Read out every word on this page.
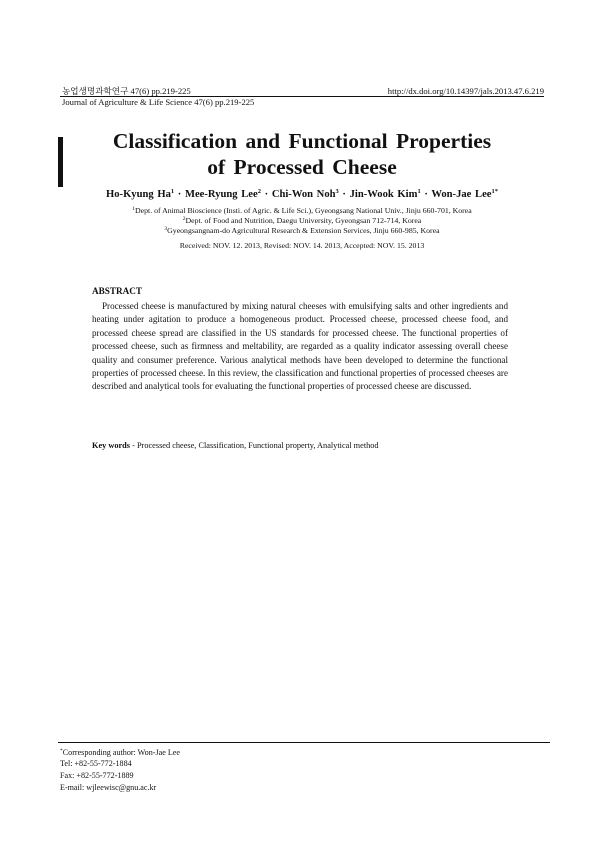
농업생명과학연구 47(6) pp.219-225	http://dx.doi.org/10.14397/jals.2013.47.6.219
Journal of Agriculture & Life Science 47(6) pp.219-225
Classification and Functional Properties
of Processed Cheese
Ho-Kyung $Ha^1$ · Mee-Ryung Lee$^2$ · Chi-Won Noh$^3$ · Jin-Wook Kim$^1$ · Won-Jae Lee$^{1*}$
$^1$Dept. of Animal Bioscience (Insti. of Agric. & Life Sci.), Gyeongsang National Univ., Jinju 660-701, Korea
$^2$Dept. of Food and Nutrition, Daegu University, Gyeongsan 712-714, Korea
$^3$Gyeongsangnam-do Agricultural Research & Extension Services, Jinju 660-985, Korea
Received: NOV. 12. 2013, Revised: NOV. 14. 2013, Accepted: NOV. 15. 2013
ABSTRACT
Processed cheese is manufactured by mixing natural cheeses with emulsifying salts and other ingredients and heating under agitation to produce a homogeneous product. Processed cheese, processed cheese food, and processed cheese spread are classified in the US standards for processed cheese. The functional properties of processed cheese, such as firmness and meltability, are regarded as a quality indicator assessing overall cheese quality and consumer preference. Various analytical methods have been developed to determine the functional properties of processed cheese. In this review, the classification and functional properties of processed cheeses are described and analytical tools for evaluating the functional properties of processed cheese are discussed.
Key words - Processed cheese, Classification, Functional property, Analytical method
*Corresponding author: Won-Jae Lee
Tel: +82-55-772-1884
Fax: +82-55-772-1889
E-mail: wjleewisc@gnu.ac.kr
